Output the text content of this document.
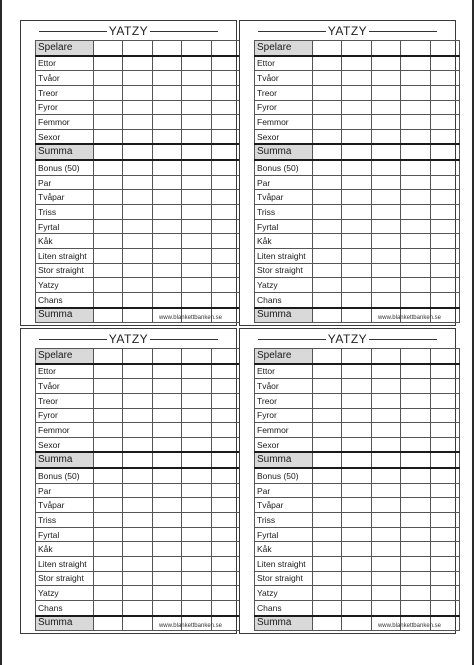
YATZY
Spelare					
Ettor					
Tvåor					
Treor					
Fyror					
Femmor					
Sexor					
Summa					
Bonus (50)					
Par					
Tvåpar					
Triss					
Fyrtal					
Kåk					
Liten straight					
Stor straight					
Yatzy					
Chans					
Summa						www.blankettbanken.se
YATZY
Spelare					
Ettor					
Tvåor					
Treor					
Fyror					
Femmor					
Sexor					
Summa					
Bonus (50)					
Par					
Tvåpar					
Triss					
Fyrtal					
Kåk					
Liten straight					
Stor straight					
Yatzy					
Chans					
Summa						www.blankettbanken.se
YATZY
Spelare					
Ettor					
Tvåor					
Treor					
Fyror					
Femmor					
Sexor					
Summa					
Bonus (50)					
Par					
Tvåpar					
Triss					
Fyrtal					
Kåk					
Liten straight					
Stor straight					
Yatzy					
Chans					
Summa						www.blankettbanken.se
YATZY
Spelare					
Ettor					
Tvåor					
Treor					
Fyror					
Femmor					
Sexor					
Summa					
Bonus (50)					
Par					
Tvåpar					
Triss					
Fyrtal					
Kåk					
Liten straight					
Stor straight					
Yatzy					
Chans					
Summa						www.blankettbanken.se
